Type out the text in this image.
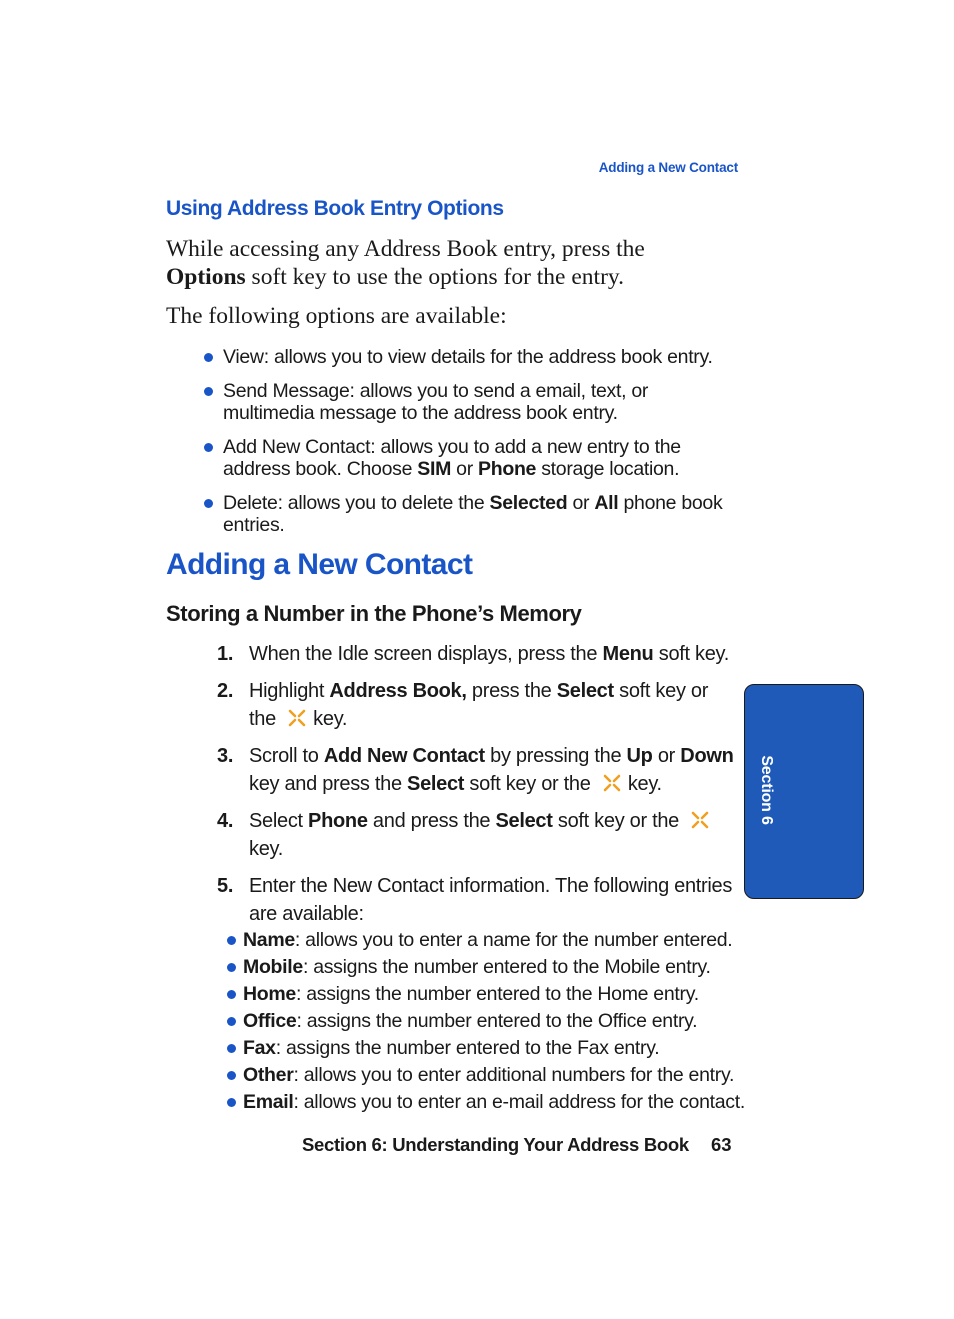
Adding a New Contact
Using Address Book Entry Options
While accessing any Address Book entry, press the Options soft key to use the options for the entry.
The following options are available:
View: allows you to view details for the address book entry.
Send Message: allows you to send a email, text, or multimedia message to the address book entry.
Add New Contact: allows you to add a new entry to the address book. Choose SIM or Phone storage location.
Delete: allows you to delete the Selected or All phone book entries.
Adding a New Contact
Storing a Number in the Phone’s Memory
1. When the Idle screen displays, press the Menu soft key.
2. Highlight Address Book, press the Select soft key or the key.
3. Scroll to Add New Contact by pressing the Up or Down key and press the Select soft key or the key.
4. Select Phone and press the Select soft key or the
key.
5. Enter the New Contact information. The following entries are available:
Name: allows you to enter a name for the number entered.
Mobile: assigns the number entered to the Mobile entry.
Home: assigns the number entered to the Home entry.
Office: assigns the number entered to the Office entry.
Fax: assigns the number entered to the Fax entry.
Other: allows you to enter additional numbers for the entry.
Email: allows you to enter an e-mail address for the contact.
Section 6
Section 6: Understanding Your Address Book 63
